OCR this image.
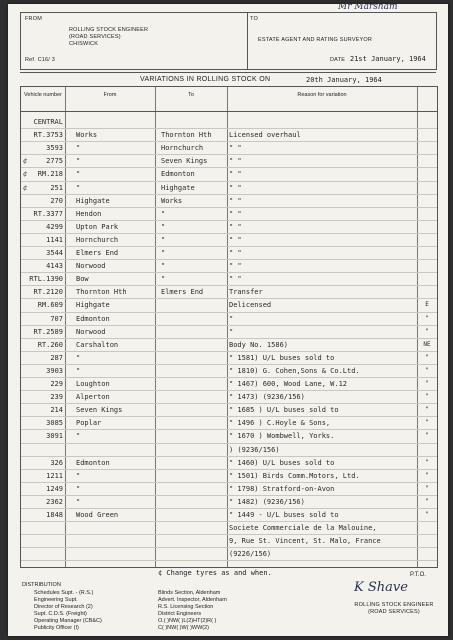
Mr Marsham
FROM
ROLLING STOCK ENGINEER
(ROAD SERVICES)
CHISWICK
Ref. C16/ 3
TO
ESTATE AGENT AND RATING SURVEYOR
DATE 21st January, 1964
VARIATIONS IN ROLLING STOCK ON	20th January, 1964
Vehicle number	From	To	Reason for variation
CENTRAL
RT.3753 Works	Thornton Hth	Licensed overhaul
3593 "	Hornchurch	" "
2775 "	Seven Kings	" "
¢
RM.218 "	Edmonton	" "
¢
251 "	Highgate	" "
¢
270 Highgate	Works	" "
RT.3377 Hendon	"	" "
4299 Upton Park	"	" "
1141 Hornchurch	"	" "
3544 Elmers End	"	" "
4143 Norwood	"	" "
RTL.1390 Bow	"	" "
RT.2120 Thornton Hth	Elmers End	Transfer
RM.609 Highgate	Delicensed	E
707 Edmonton	"	"
RT.2589 Norwood	"	"
RT.260 Carshalton	Body No. 1586)	NE
287 "	" 1581) U/L buses sold to	"
3903 "	" 1810) G. Cohen,Sons & Co.Ltd.	"
229 Loughton	" 1467) 600, Wood Lane, W.12	"
239 Alperton	" 1473) (9236/156)	"
214 Seven Kings	" 1685 ) U/L buses sold to	"
3085 Poplar	" 1496 ) C.Hoyle & Sons,	"
3091 "	" 1670 ) Wombwell, Yorks.	"
) (9236/156)
326 Edmonton	" 1460) U/L buses sold to	"
1211 "	" 1501) Birds Comm.Motors, Ltd.	"
1249 "	" 1798) Stratford-on-Avon	"
2362 "	" 1482) (9236/156)	"
1848 Wood Green	" 1449 - U/L buses sold to	"
Societe Commerciale de la Malouine,
9, Rue St. Vincent, St. Malo, France
(9226/156)
¢ Change tyres as and when.	P.T.O.
K Shave
ROLLING STOCK ENGINEER
(ROAD SERVICES)
DISTRIBUTION
Schedules Supt. - (R.S.)
Engineering Supt.
Director of Research (2)
Supt. C.D.S. (Freight)
Operating Manager (CB&C)
Publicity Officer (I)
Blinds Section, Aldenham
Advert. Inspector, Aldenham
R.S. Licensing Section
District Engineers
O.( )NW( )L(2)HT(2)R( )
C( )NW( )W( )WW(2)
